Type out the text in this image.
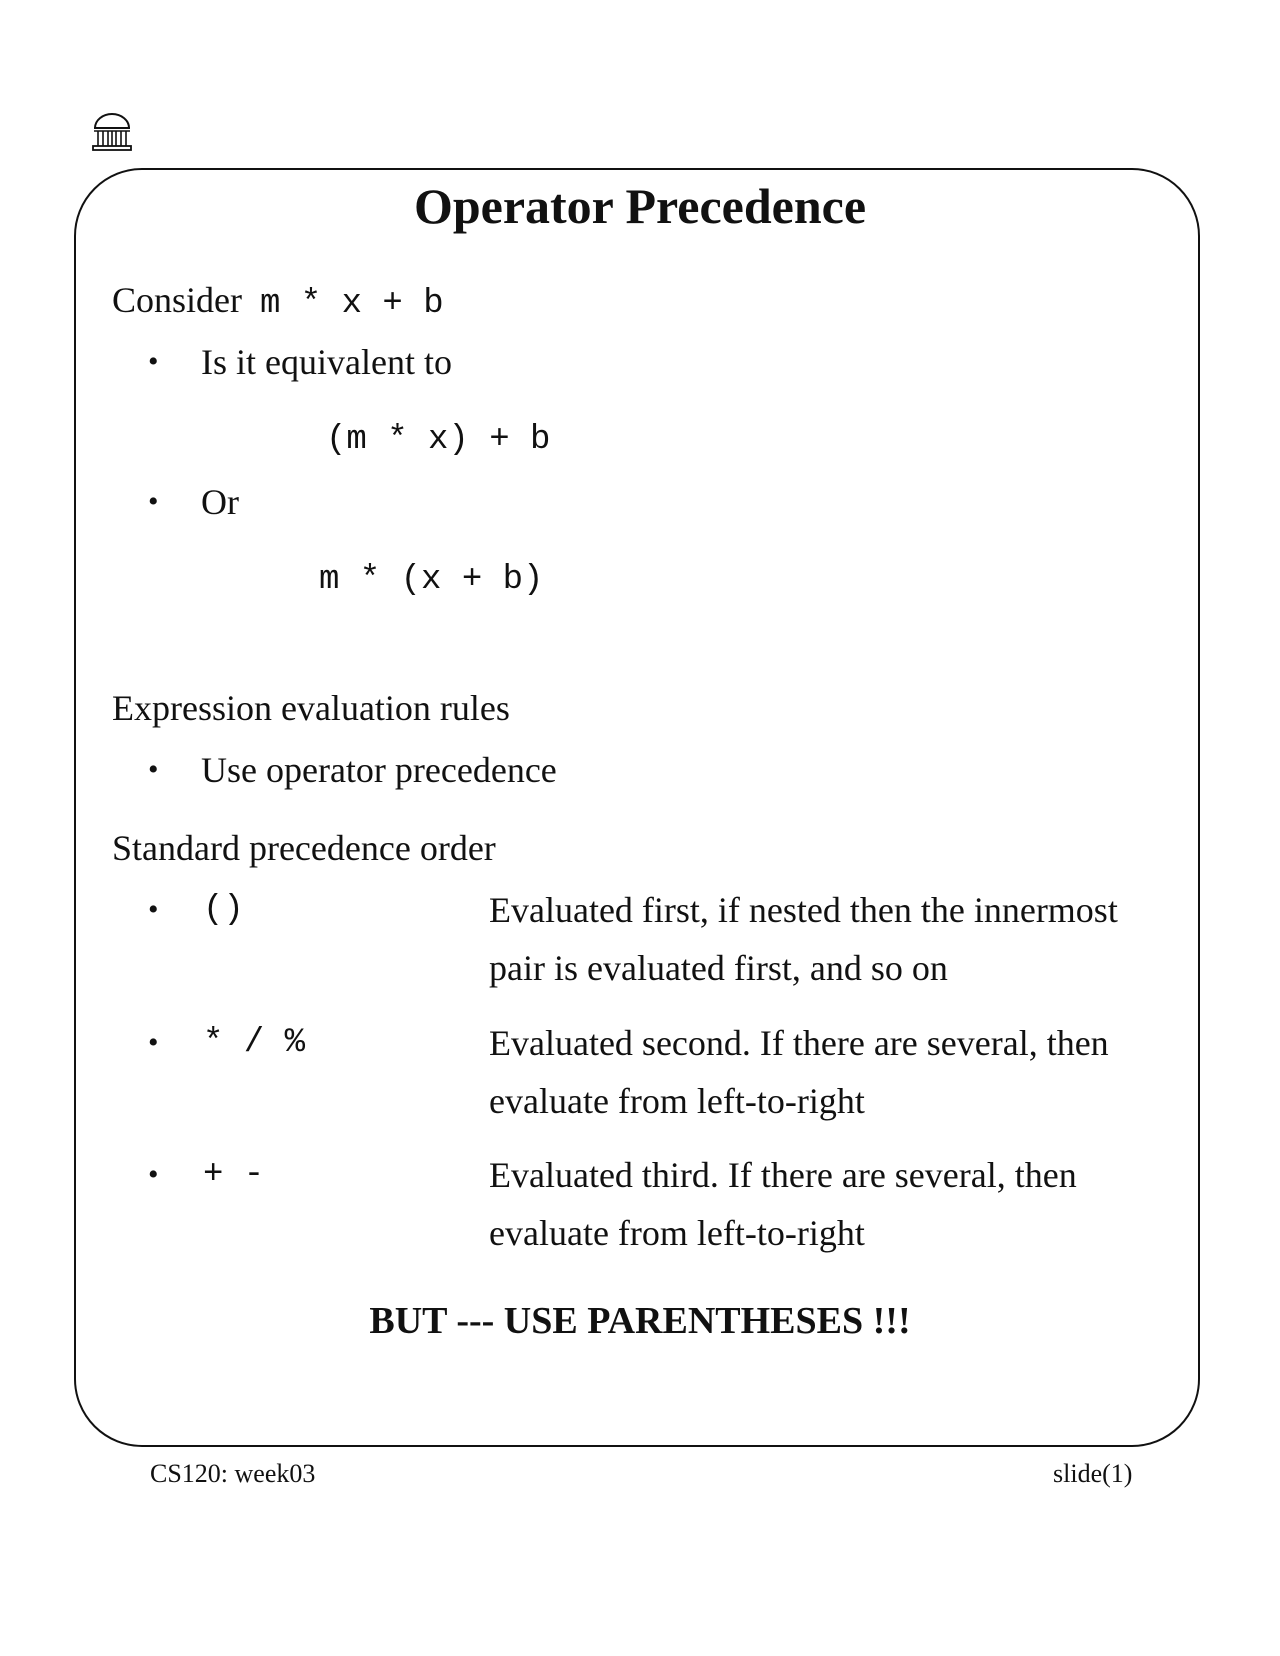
Operator Precedence
Consider m * x + b
• Is it equivalent to
(m * x) + b
• Or
m * (x + b)
Expression evaluation rules
• Use operator precedence
Standard precedence order
• ()	Evaluated first, if nested then the innermost
pair is evaluated first, and so on
• * / %	Evaluated second. If there are several, then
evaluate from left-to-right
• + -	Evaluated third. If there are several, then
evaluate from left-to-right
BUT --- USE PARENTHESES !!!
CS120: week03	slide(1)
